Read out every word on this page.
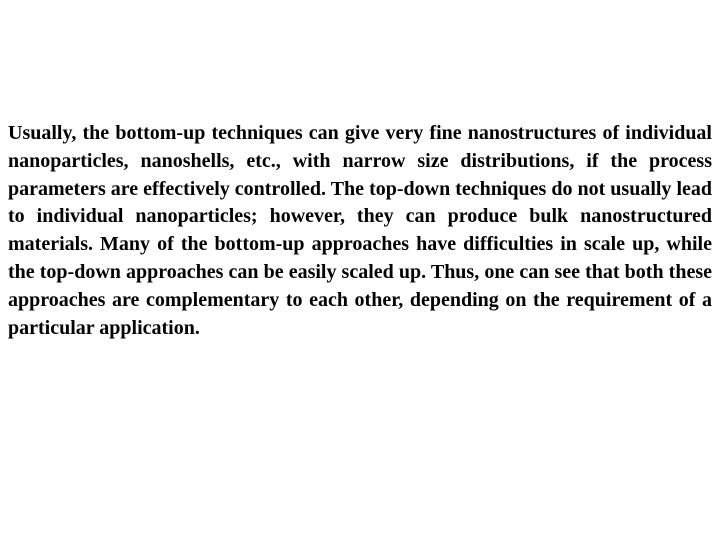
Usually, the bottom-up techniques can give very fine nanostructures of individual nanoparticles, nanoshells, etc., with narrow size distributions, if the process parameters are effectively controlled. The top-down techniques do not usually lead to individual nanoparticles; however, they can produce bulk nanostructured materials. Many of the bottom-up approaches have difficulties in scale up, while the top-down approaches can be easily scaled up. Thus, one can see that both these approaches are complementary to each other, depending on the requirement of a particular application.
